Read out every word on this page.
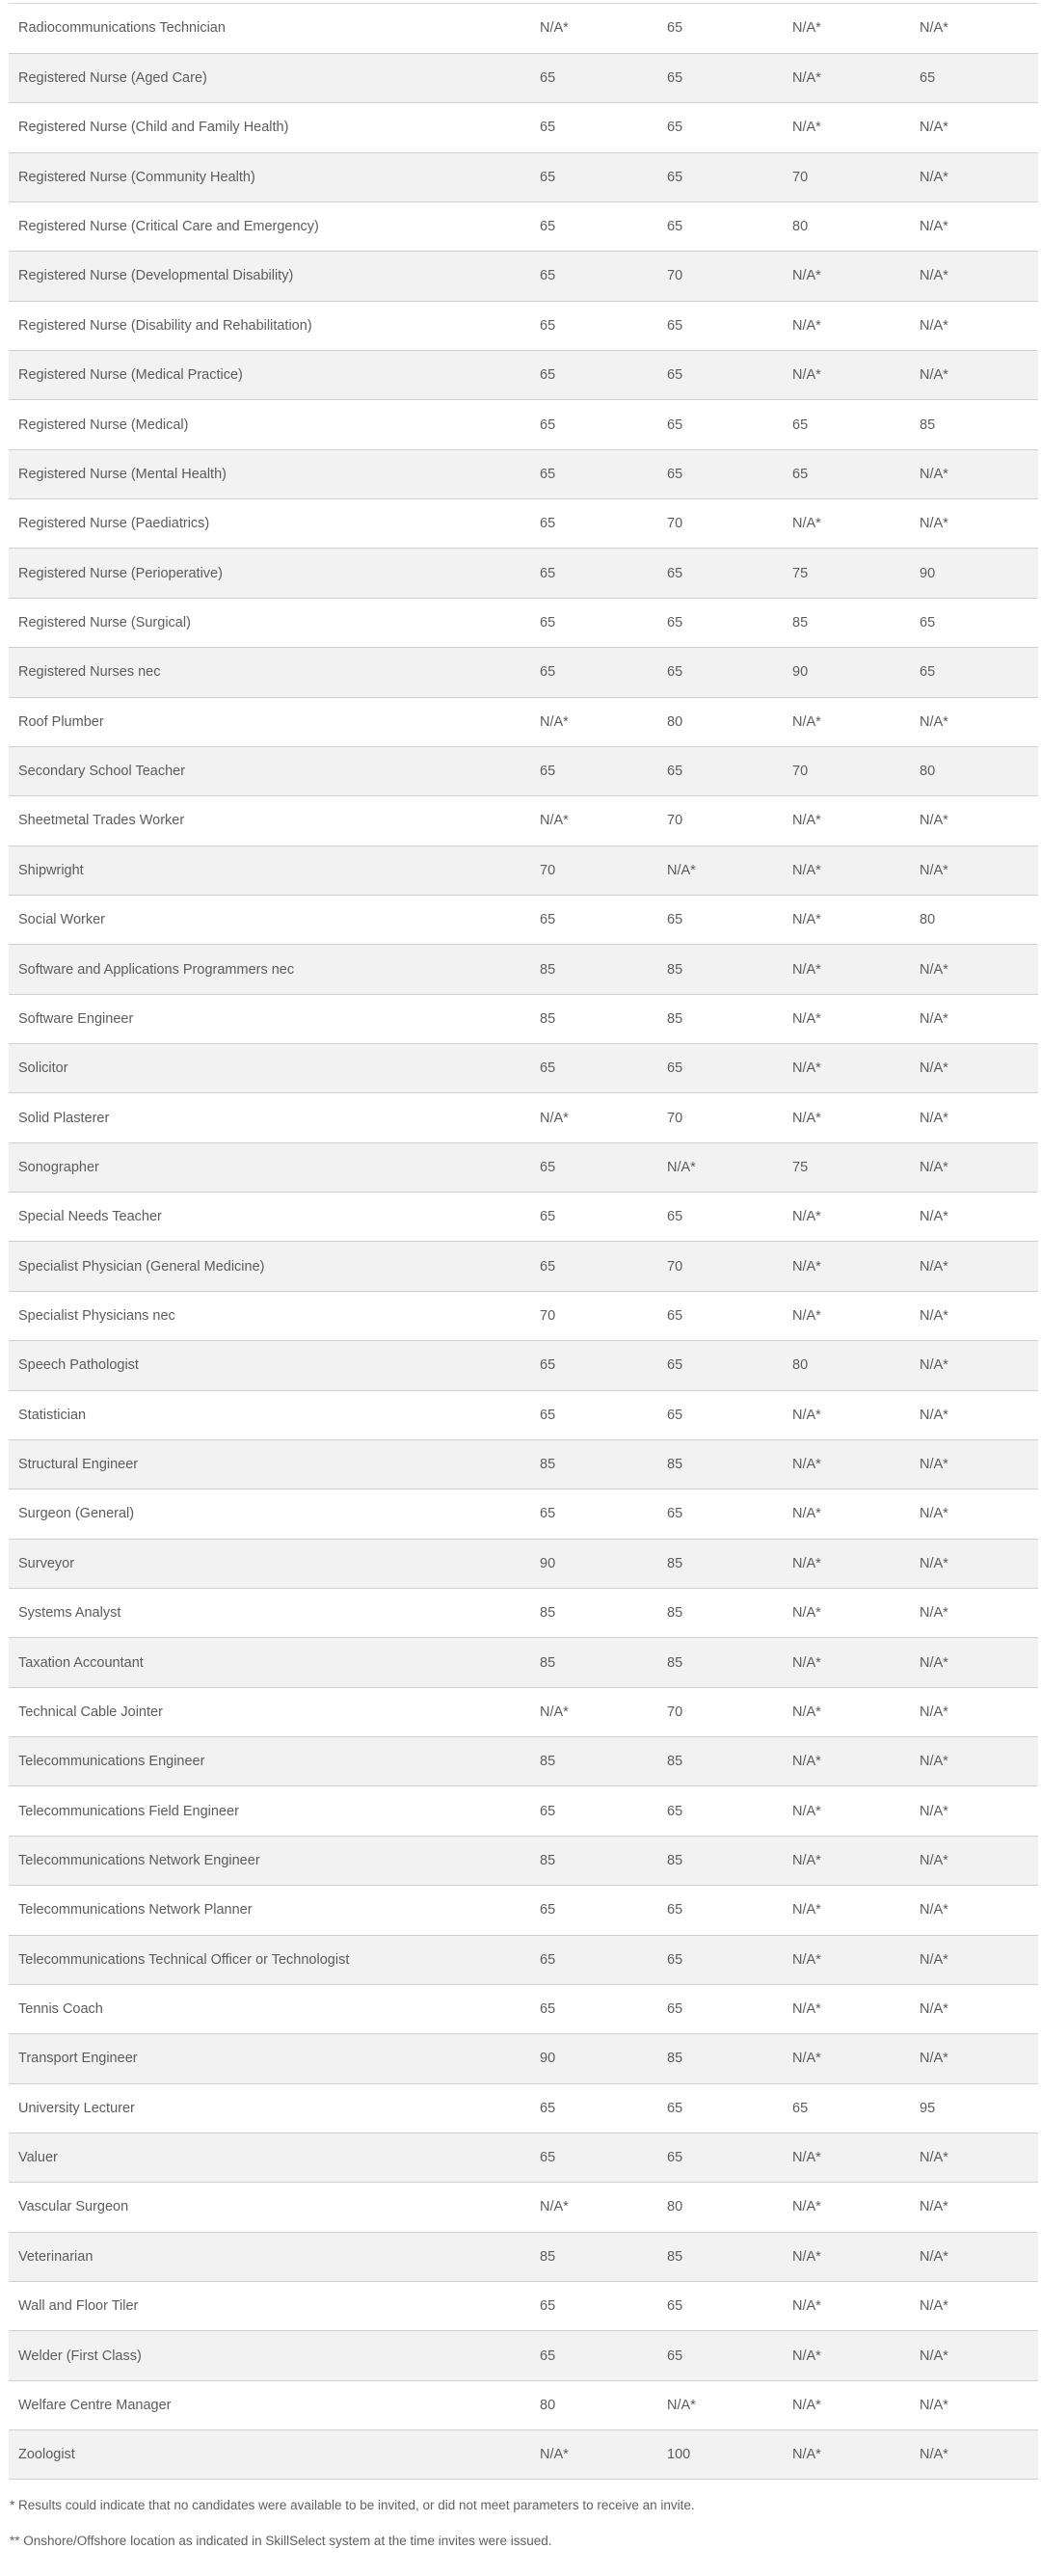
Radiocommunications Technician	N/A*	65	N/A*	N/A*
Registered Nurse (Aged Care)	65	65	N/A*	65
Registered Nurse (Child and Family Health)	65	65	N/A*	N/A*
Registered Nurse (Community Health)	65	65	70	N/A*
Registered Nurse (Critical Care and Emergency)	65	65	80	N/A*
Registered Nurse (Developmental Disability)	65	70	N/A*	N/A*
Registered Nurse (Disability and Rehabilitation)	65	65	N/A*	N/A*
Registered Nurse (Medical Practice)	65	65	N/A*	N/A*
Registered Nurse (Medical)	65	65	65	85
Registered Nurse (Mental Health)	65	65	65	N/A*
Registered Nurse (Paediatrics)	65	70	N/A*	N/A*
Registered Nurse (Perioperative)	65	65	75	90
Registered Nurse (Surgical)	65	65	85	65
Registered Nurses nec	65	65	90	65
Roof Plumber	N/A*	80	N/A*	N/A*
Secondary School Teacher	65	65	70	80
Sheetmetal Trades Worker	N/A*	70	N/A*	N/A*
Shipwright	70	N/A*	N/A*	N/A*
Social Worker	65	65	N/A*	80
Software and Applications Programmers nec	85	85	N/A*	N/A*
Software Engineer	85	85	N/A*	N/A*
Solicitor	65	65	N/A*	N/A*
Solid Plasterer	N/A*	70	N/A*	N/A*
Sonographer	65	N/A*	75	N/A*
Special Needs Teacher	65	65	N/A*	N/A*
Specialist Physician (General Medicine)	65	70	N/A*	N/A*
Specialist Physicians nec	70	65	N/A*	N/A*
Speech Pathologist	65	65	80	N/A*
Statistician	65	65	N/A*	N/A*
Structural Engineer	85	85	N/A*	N/A*
Surgeon (General)	65	65	N/A*	N/A*
Surveyor	90	85	N/A*	N/A*
Systems Analyst	85	85	N/A*	N/A*
Taxation Accountant	85	85	N/A*	N/A*
Technical Cable Jointer	N/A*	70	N/A*	N/A*
Telecommunications Engineer	85	85	N/A*	N/A*
Telecommunications Field Engineer	65	65	N/A*	N/A*
Telecommunications Network Engineer	85	85	N/A*	N/A*
Telecommunications Network Planner	65	65	N/A*	N/A*
Telecommunications Technical Officer or Technologist	65	65	N/A*	N/A*
Tennis Coach	65	65	N/A*	N/A*
Transport Engineer	90	85	N/A*	N/A*
University Lecturer	65	65	65	95
Valuer	65	65	N/A*	N/A*
Vascular Surgeon	N/A*	80	N/A*	N/A*
Veterinarian	85	85	N/A*	N/A*
Wall and Floor Tiler	65	65	N/A*	N/A*
Welder (First Class)	65	65	N/A*	N/A*
Welfare Centre Manager	80	N/A*	N/A*	N/A*
Zoologist	N/A*	100	N/A*	N/A*

* Results could indicate that no candidates were available to be invited, or did not meet parameters to receive an invite.

** Onshore/Offshore location as indicated in SkillSelect system at the time invites were issued.
